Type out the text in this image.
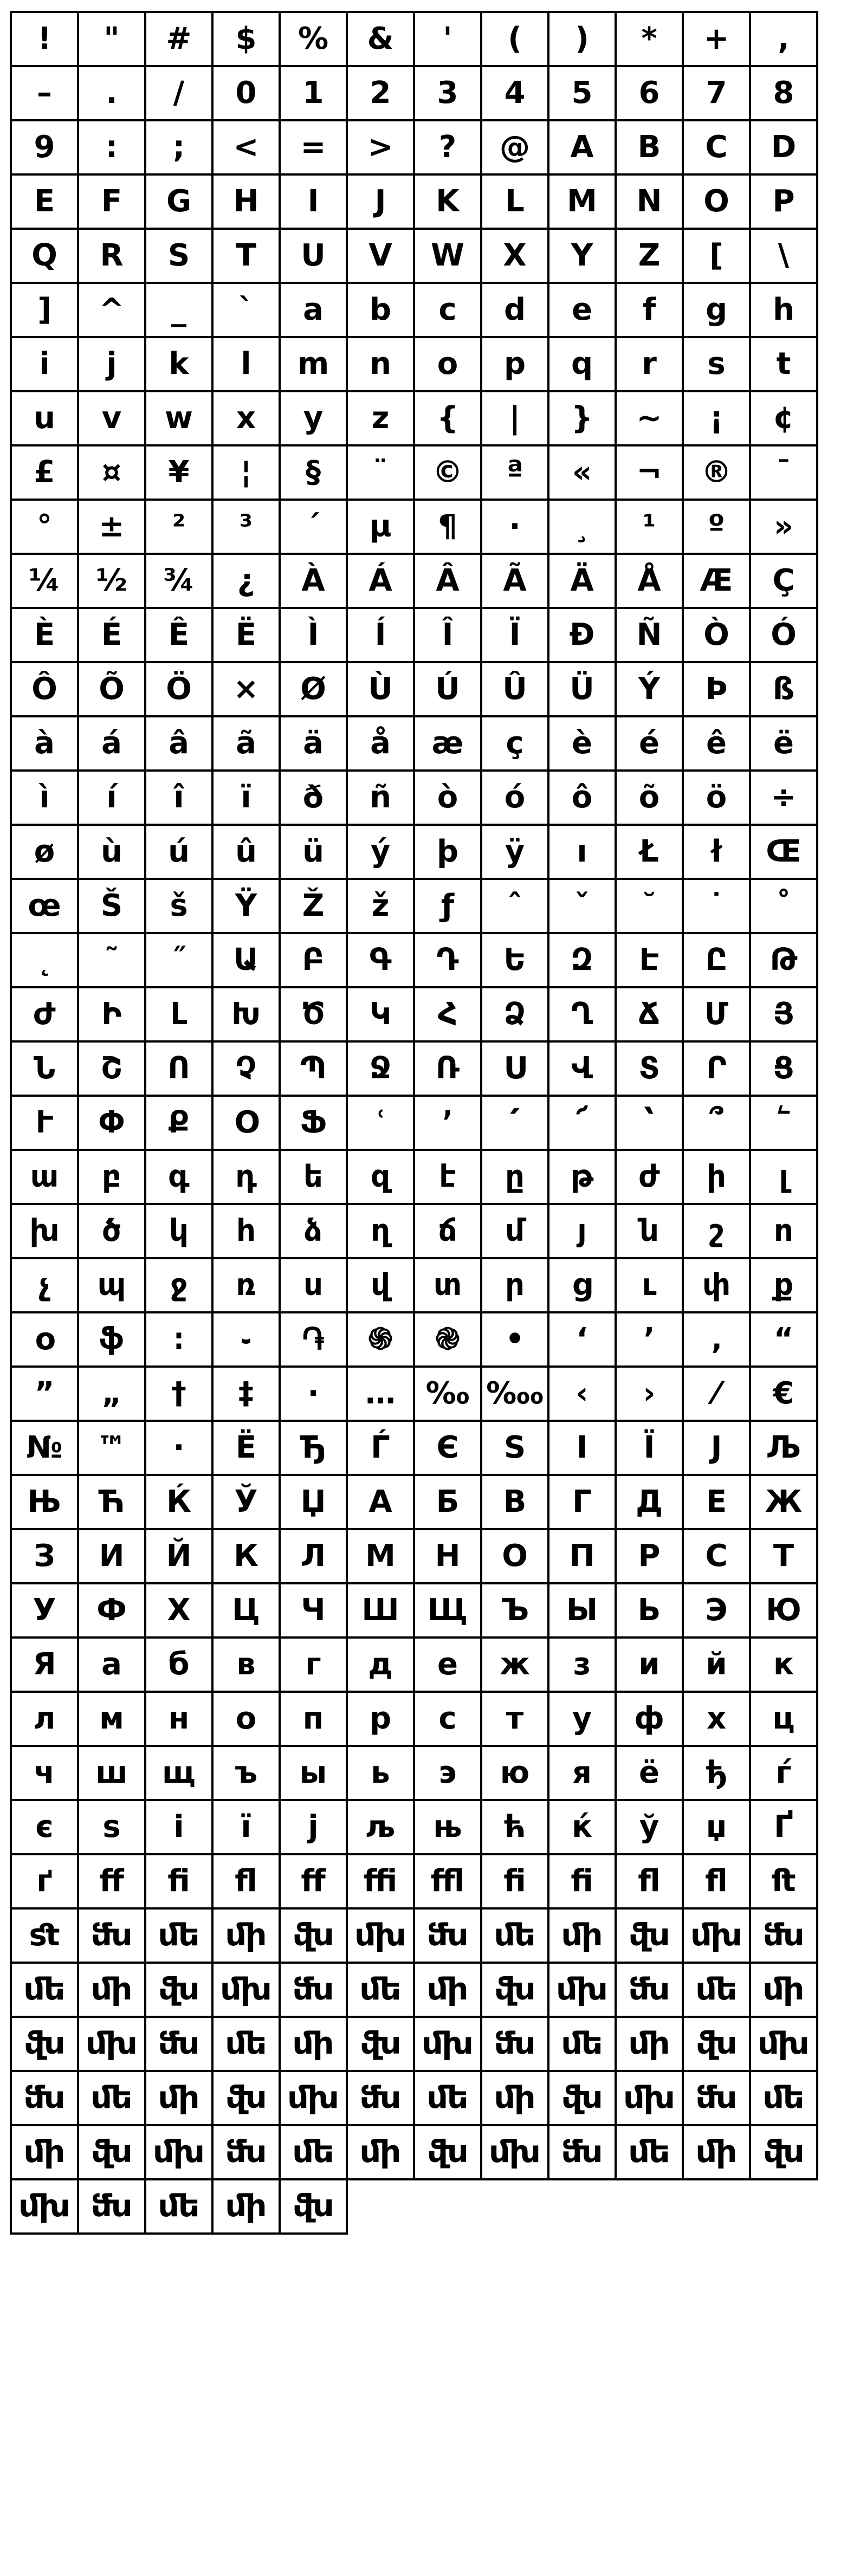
!	"	#	$	%	&	'	(	)	*	+	,
–	.	/	0	1	2	3	4	5	6	7	8
9	:	;	<	=	>	?	@	A	B	C	D
E	F	G	H	I	J	K	L	M	N	O	P
Q	R	S	T	U	V	W	X	Y	Z	[	\
]	^	_	`	a	b	c	d	e	f	g	h
i	j	k	l	m	n	o	p	q	r	s	t
u	v	w	x	y	z	{	|	}	~	¡	¢
£	¤	¥	¦	§	¨	©	ª	«	¬	®	¯
°	±	²	³	´	µ	¶	·	¸	¹	º	»
¼	½	¾	¿	À	Á	Â	Ã	Ä	Å	Æ	Ç
È	É	Ê	Ë	Ì	Í	Î	Ï	Ð	Ñ	Ò	Ó
Ô	Õ	Ö	×	Ø	Ù	Ú	Û	Ü	Ý	Þ	ß
à	á	â	ã	ä	å	æ	ç	è	é	ê	ë
ì	í	î	ï	ð	ñ	ò	ó	ô	õ	ö	÷
ø	ù	ú	û	ü	ý	þ	ÿ	ı	Ł	ł	Œ
œ	Š	š	Ÿ	Ž	ž	ƒ	ˆ	ˇ	˘	˙	˚
˛	˜	˝	Ա	Բ	Գ	Դ	Ե	Զ	Է	Ը	Թ
Ժ	Ի	Լ	Խ	Ծ	Կ	Հ	Ձ	Ղ	Ճ	Մ	Յ
Ն	Շ	Ո	Չ	Պ	Ջ	Ռ	Ս	Վ	Տ	Ր	Ց
Ւ	Փ	Ք	Օ	Ֆ	ՙ	՚	՛	՜	՝	՞	՟
ա	բ	գ	դ	ե	զ	է	ը	թ	ժ	ի	լ
խ	ծ	կ	հ	ձ	ղ	ճ	մ	յ	ն	շ	ո
չ	պ	ջ	ռ	ս	վ	տ	ր	ց	ւ	փ	ք
օ	ֆ	։	֊	֏	֍	֎	•	‘	’	‚	“
”	„	†	‡	·	… ‰ ‱	‹	›	⁄	€
№	™	·	Ё	Ђ	Ѓ	Є	Ѕ	І	Ї	Ј	Љ
Њ	Ћ	Ќ	Ў	Џ	А	Б	В	Г	Д	Е	Ж
З	И	Й	К	Л	М	Н	О	П	Р	С	Т
У	Ф	Х	Ц	Ч	Ш Щ	Ъ	Ы	Ь	Э	Ю
Я	а	б	в	г	д	е	ж	з	и	й	к
л	м	н	о	п	р	с	т	у	ф	х	ц
ч	ш	щ	ъ	ы	ь	э	ю	я	ё	ђ	ѓ
є	ѕ	і	ї	ј	љ	њ	ћ	ќ	ў	џ	Ґ
ґ	ﬀ	ﬁ	ﬂ	ﬀ	ﬃ	ﬄ	ﬁ	ﬁ	ﬂ	ﬂ	ﬅ
ﬆ	ﬓ ﬔ ﬕ ﬖ ﬗ ﬓ ﬔ ﬕ ﬖ ﬗ ﬓ
ﬔ ﬕ ﬖ ﬗ ﬓ ﬔ ﬕ ﬖ ﬗ ﬓ ﬔ ﬕ
ﬖ ﬗ ﬓ ﬔ ﬕ ﬖ ﬗ ﬓ ﬔ ﬕ ﬖ ﬗ
ﬓ ﬔ ﬕ ﬖ ﬗ ﬓ ﬔ ﬕ ﬖ ﬗ ﬓ ﬔ
ﬕ ﬖ ﬗ ﬓ ﬔ ﬕ ﬖ ﬗ ﬓ ﬔ ﬕ ﬖ
ﬗ ﬓ ﬔ ﬕ ﬖ
